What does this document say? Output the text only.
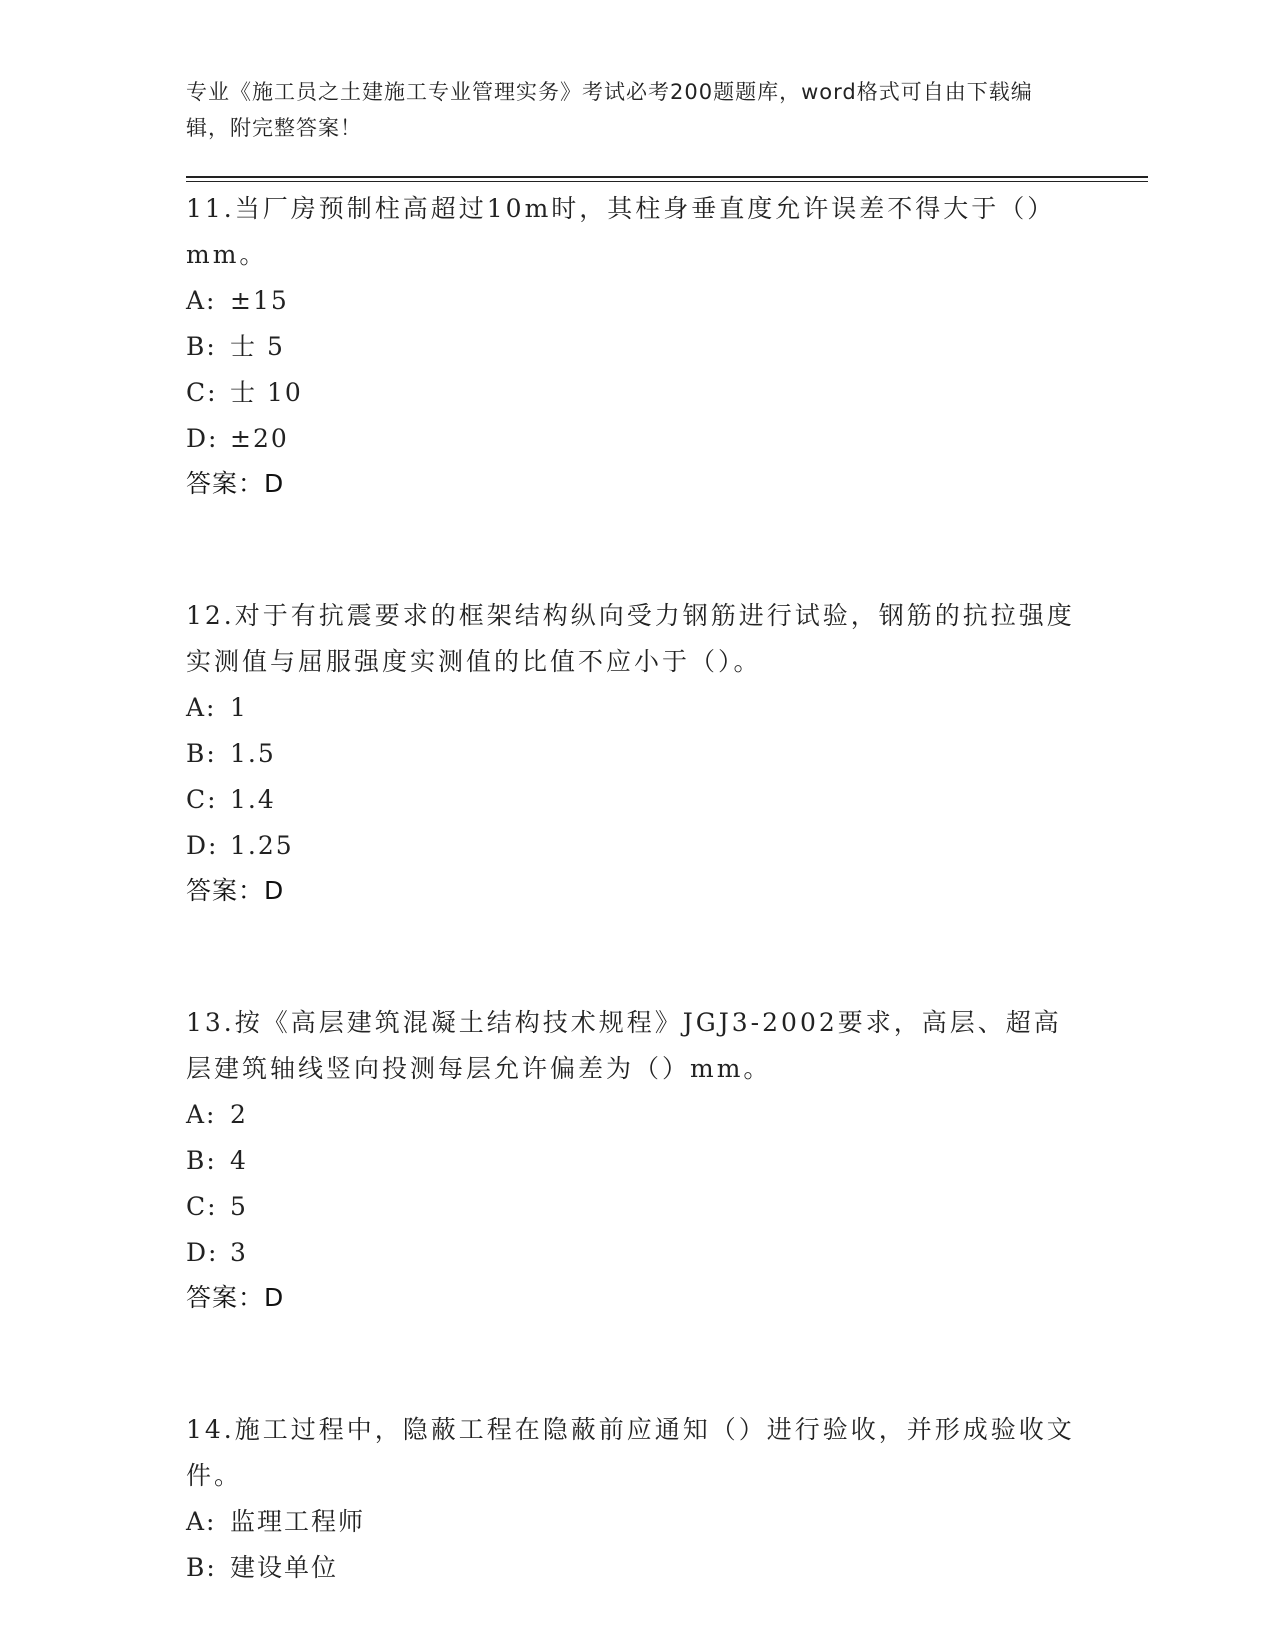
专业《施工员之土建施工专业管理实务》考试必考200题题库，word格式可自由下载编辑，附完整答案！

11.当厂房预制柱高超过10m时，其柱身垂直度允许误差不得大于（）mm。

A: ±15

B: 士 5

C: 士 10

D: ±20

答案：D

12.对于有抗震要求的框架结构纵向受力钢筋进行试验，钢筋的抗拉强度实测值与屈服强度实测值的比值不应小于（）。

A: 1

B: 1.5

C: 1.4

D: 1.25

答案：D

13.按《高层建筑混凝土结构技术规程》JGJ3-2002要求，高层、超高层建筑轴线竖向投测每层允许偏差为（）mm。

A: 2

B: 4

C: 5

D: 3

答案：D

14.施工过程中，隐蔽工程在隐蔽前应通知（）进行验收，并形成验收文件。

A: 监理工程师

B: 建设单位
